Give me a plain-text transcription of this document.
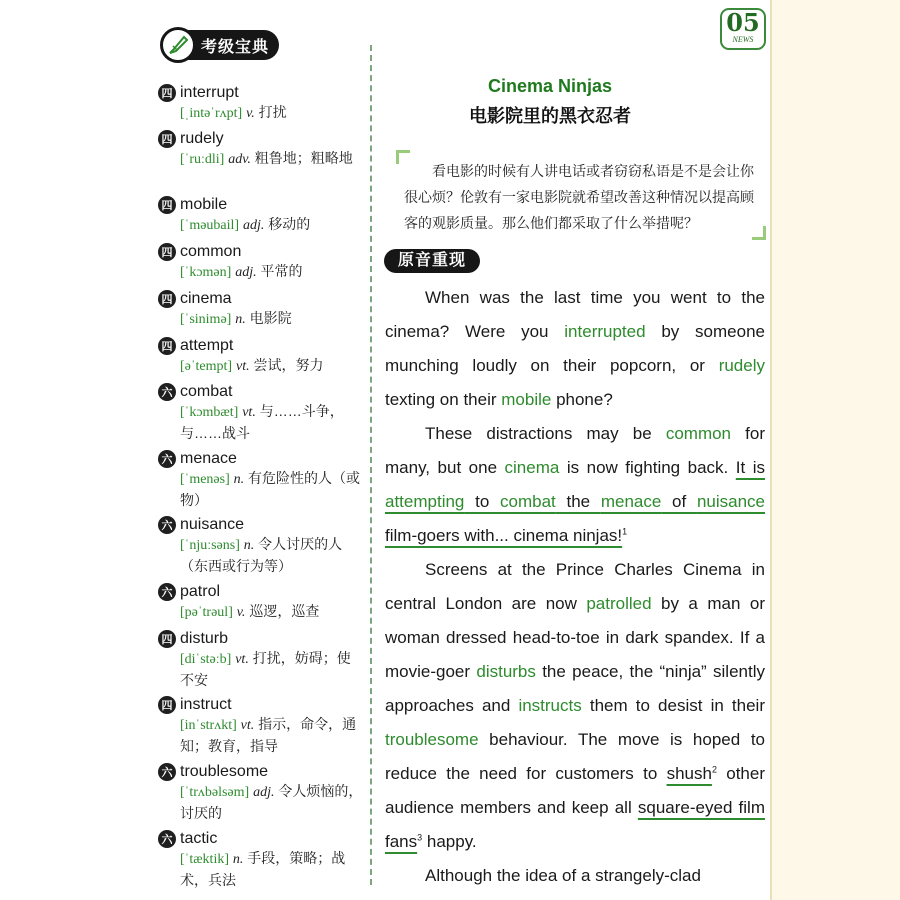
考级宝典
05
NEWS
四 interrupt
[ˌintəˈrʌpt] v. 打扰
四 rudely
[ˈruːdli] adv. 粗鲁地；粗略地
四 mobile
[ˈməubail] adj. 移动的
四 common
[ˈkɔmən] adj. 平常的
四 cinema
[ˈsinimə] n. 电影院
四 attempt
[əˈtempt] vt. 尝试，努力
六 combat
[ˈkɔmbæt] vt. 与……斗争，与……战斗
六 menace
[ˈmenəs] n. 有危险性的人（或物）
六 nuisance
[ˈnjuːsəns] n. 令人讨厌的人（东西或行为等）
六 patrol
[pəˈtrəul] v. 巡逻，巡查
四 disturb
[diˈstəːb] vt. 打扰，妨碍；使不安
四 instruct
[inˈstrʌkt] vt. 指示，命令，通知；教育，指导
六 troublesome
[ˈtrʌbəlsəm] adj. 令人烦恼的，讨厌的
六 tactic
[ˈtæktik] n. 手段，策略；战术，兵法
Cinema Ninjas
电影院里的黑衣忍者

看电影的时候有人讲电话或者窃窃私语是不是会让你很心烦？伦敦有一家电影院就希望改善这种情况以提高顾客的观影质量。那么他们都采取了什么举措呢？

原音重现

When was the last time you went to the cinema? Were you interrupted by someone munching loudly on their popcorn, or rudely texting on their mobile phone?

These distractions may be common for many, but one cinema is now fighting back. It is attempting to combat the menace of nuisance film-goers with... cinema ninjas!$^1$

Screens at the Prince Charles Cinema in central London are now patrolled by a man or woman dressed head-to-toe in dark spandex. If a movie-goer disturbs the peace, the “ninja” silently approaches and instructs them to desist in their troublesome behaviour. The move is hoped to reduce the need for customers to shush$^2$ other audience members and keep all square-eyed film fans$^3$ happy.

Although the idea of a strangely-clad
